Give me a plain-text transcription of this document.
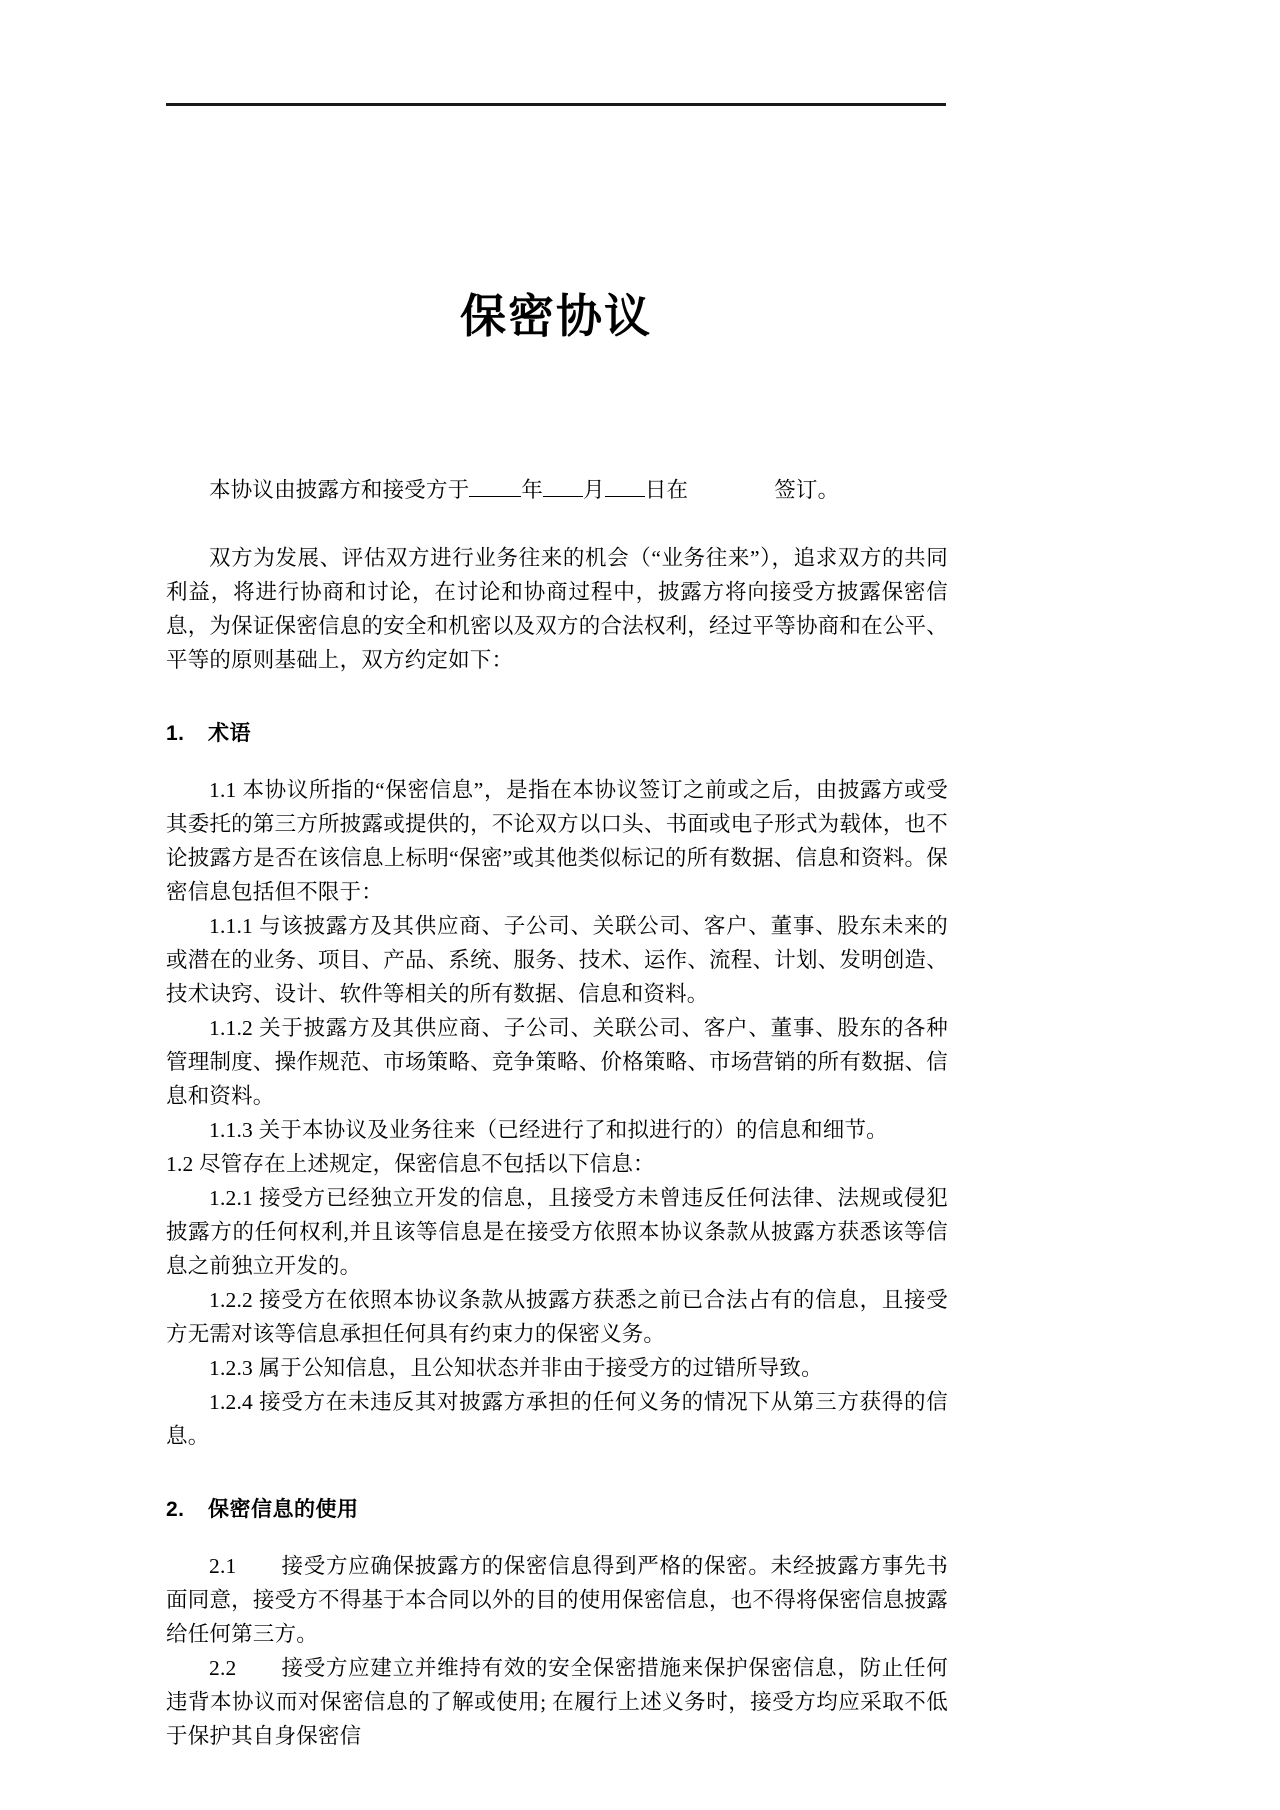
保密协议

本协议由披露方和接受方于 年 月 日在	签订。

双方为发展、评估双方进行业务往来的机会（“业务往来”），追求双方的共同利益，将进行协商和讨论，在讨论和协商过程中，披露方将向接受方披露保密信息，为保证保密信息的安全和机密以及双方的合法权利，经过平等协商和在公平、平等的原则基础上，双方约定如下：

1. 术语

1.1 本协议所指的“保密信息”，是指在本协议签订之前或之后，由披露方或受其委托的第三方所披露或提供的，不论双方以口头、书面或电子形式为载体，也不论披露方是否在该信息上标明“保密”或其他类似标记的所有数据、信息和资料。保密信息包括但不限于：

1.1.1 与该披露方及其供应商、子公司、关联公司、客户、董事、股东未来的或潜在的业务、项目、产品、系统、服务、技术、运作、流程、计划、发明创造、技术诀窍、设计、软件等相关的所有数据、信息和资料。

1.1.2 关于披露方及其供应商、子公司、关联公司、客户、董事、股东的各种管理制度、操作规范、市场策略、竞争策略、价格策略、市场营销的所有数据、信息和资料。

1.1.3 关于本协议及业务往来（已经进行了和拟进行的）的信息和细节。

1.2 尽管存在上述规定，保密信息不包括以下信息：

1.2.1 接受方已经独立开发的信息，且接受方未曾违反任何法律、法规或侵犯披露方的任何权利,并且该等信息是在接受方依照本协议条款从披露方获悉该等信息之前独立开发的。

1.2.2 接受方在依照本协议条款从披露方获悉之前已合法占有的信息，且接受方无需对该等信息承担任何具有约束力的保密义务。

1.2.3 属于公知信息，且公知状态并非由于接受方的过错所导致。

1.2.4 接受方在未违反其对披露方承担的任何义务的情况下从第三方获得的信息。

2. 保密信息的使用

2.1　　接受方应确保披露方的保密信息得到严格的保密。未经披露方事先书面同意，接受方不得基于本合同以外的目的使用保密信息，也不得将保密信息披露给任何第三方。

2.2　　接受方应建立并维持有效的安全保密措施来保护保密信息，防止任何违背本协议而对保密信息的了解或使用; 在履行上述义务时，接受方均应采取不低于保护其自身保密信
